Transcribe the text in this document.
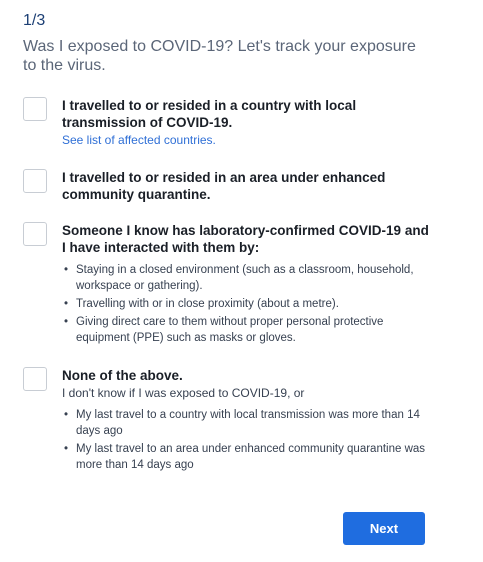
1/3
Was I exposed to COVID-19? Let's track your exposure to the virus.
I travelled to or resided in a country with local transmission of COVID-19.
See list of affected countries.
I travelled to or resided in an area under enhanced community quarantine.
Someone I know has laboratory-confirmed COVID-19 and I have interacted with them by:
• Staying in a closed environment (such as a classroom, household, workspace or gathering).
• Travelling with or in close proximity (about a metre).
• Giving direct care to them without proper personal protective equipment (PPE) such as masks or gloves.
None of the above.
I don't know if I was exposed to COVID-19, or
• My last travel to a country with local transmission was more than 14 days ago
• My last travel to an area under enhanced community quarantine was more than 14 days ago
Next
